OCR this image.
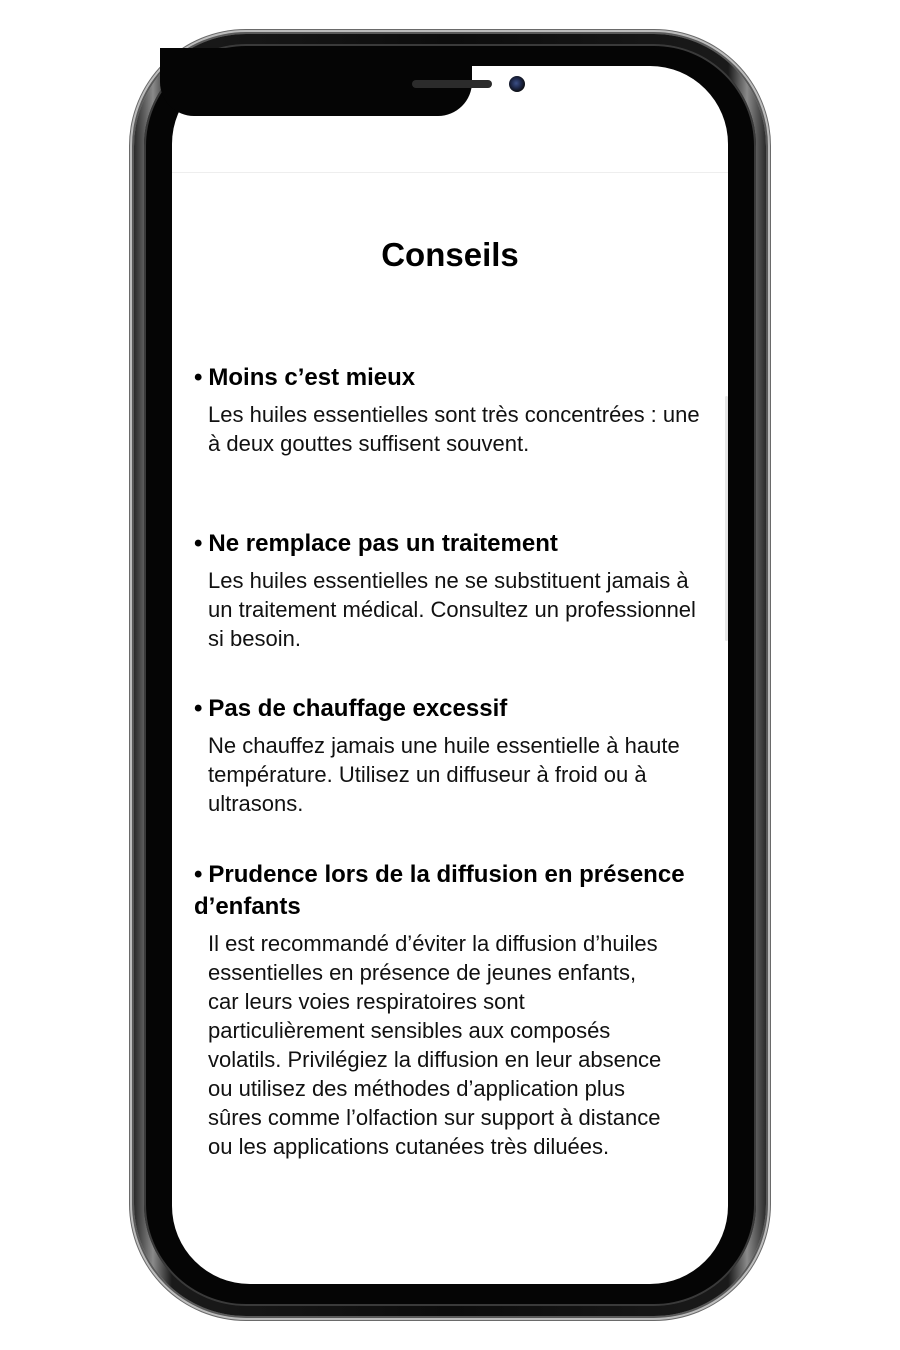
Conseils

• Moins c’est mieux

Les huiles essentielles sont très concentrées : une à deux gouttes suffisent souvent.

• Ne remplace pas un traitement

Les huiles essentielles ne se substituent jamais à un traitement médical. Consultez un professionnel si besoin.

• Pas de chauffage excessif

Ne chauffez jamais une huile essentielle à haute température. Utilisez un diffuseur à froid ou à ultrasons.

• Prudence lors de la diffusion en présence d’enfants

Il est recommandé d’éviter la diffusion d’huiles essentielles en présence de jeunes enfants, car leurs voies respiratoires sont particulièrement sensibles aux composés volatils. Privilégiez la diffusion en leur absence ou utilisez des méthodes d’application plus sûres comme l’olfaction sur support à distance ou les applications cutanées très diluées.
